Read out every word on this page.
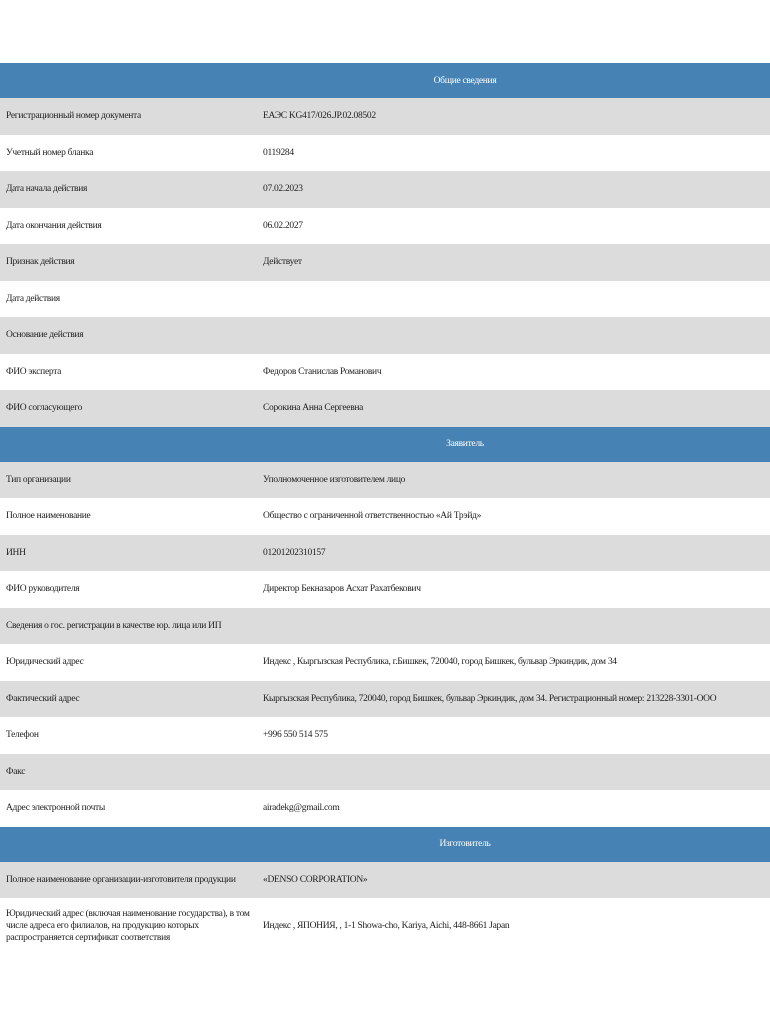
Общие сведения	
Регистрационный номер документа	ЕАЭС KG417/026.JP.02.08502
Учетный номер бланка	0119284
Дата начала действия	07.02.2023
Дата окончания действия	06.02.2027
Признак действия	Действует
Дата действия	
Основание действия	
ФИО эксперта	Федоров Станислав Романович
ФИО согласующего	Сорокина Анна Сергеевна
Заявитель	
Тип организации	Уполномоченное изготовителем лицо
Полное наименование	Общество с ограниченной ответственностью «Ай Трэйд»
ИНН	01201202310157
ФИО руководителя	Директор Бекназаров Асхат Рахатбекович
Сведения о гос. регистрации в качестве юр. лица или ИП	
Юридический адрес	Индекс , Кыргызская Республика, г.Бишкек, 720040, город Бишкек, бульвар Эркиндик, дом 34
Фактический адрес	Кыргызская Республика, 720040, город Бишкек, бульвар Эркиндик, дом 34. Регистрационный номер: 213228-3301-ООО
Телефон	+996 550 514 575
Факс	
Адрес электронной почты	airadekg@gmail.com
Изготовитель	
Полное наименование организации-изготовителя продукции	«DENSO CORPORATION»
Юридический адрес (включая наименование государства), в том числе адреса его филиалов, на продукцию которых распространяется сертификат соответствия	Индекс , ЯПОНИЯ, , 1-1 Showa-cho, Kariya, Aichi, 448-8661 Japan
